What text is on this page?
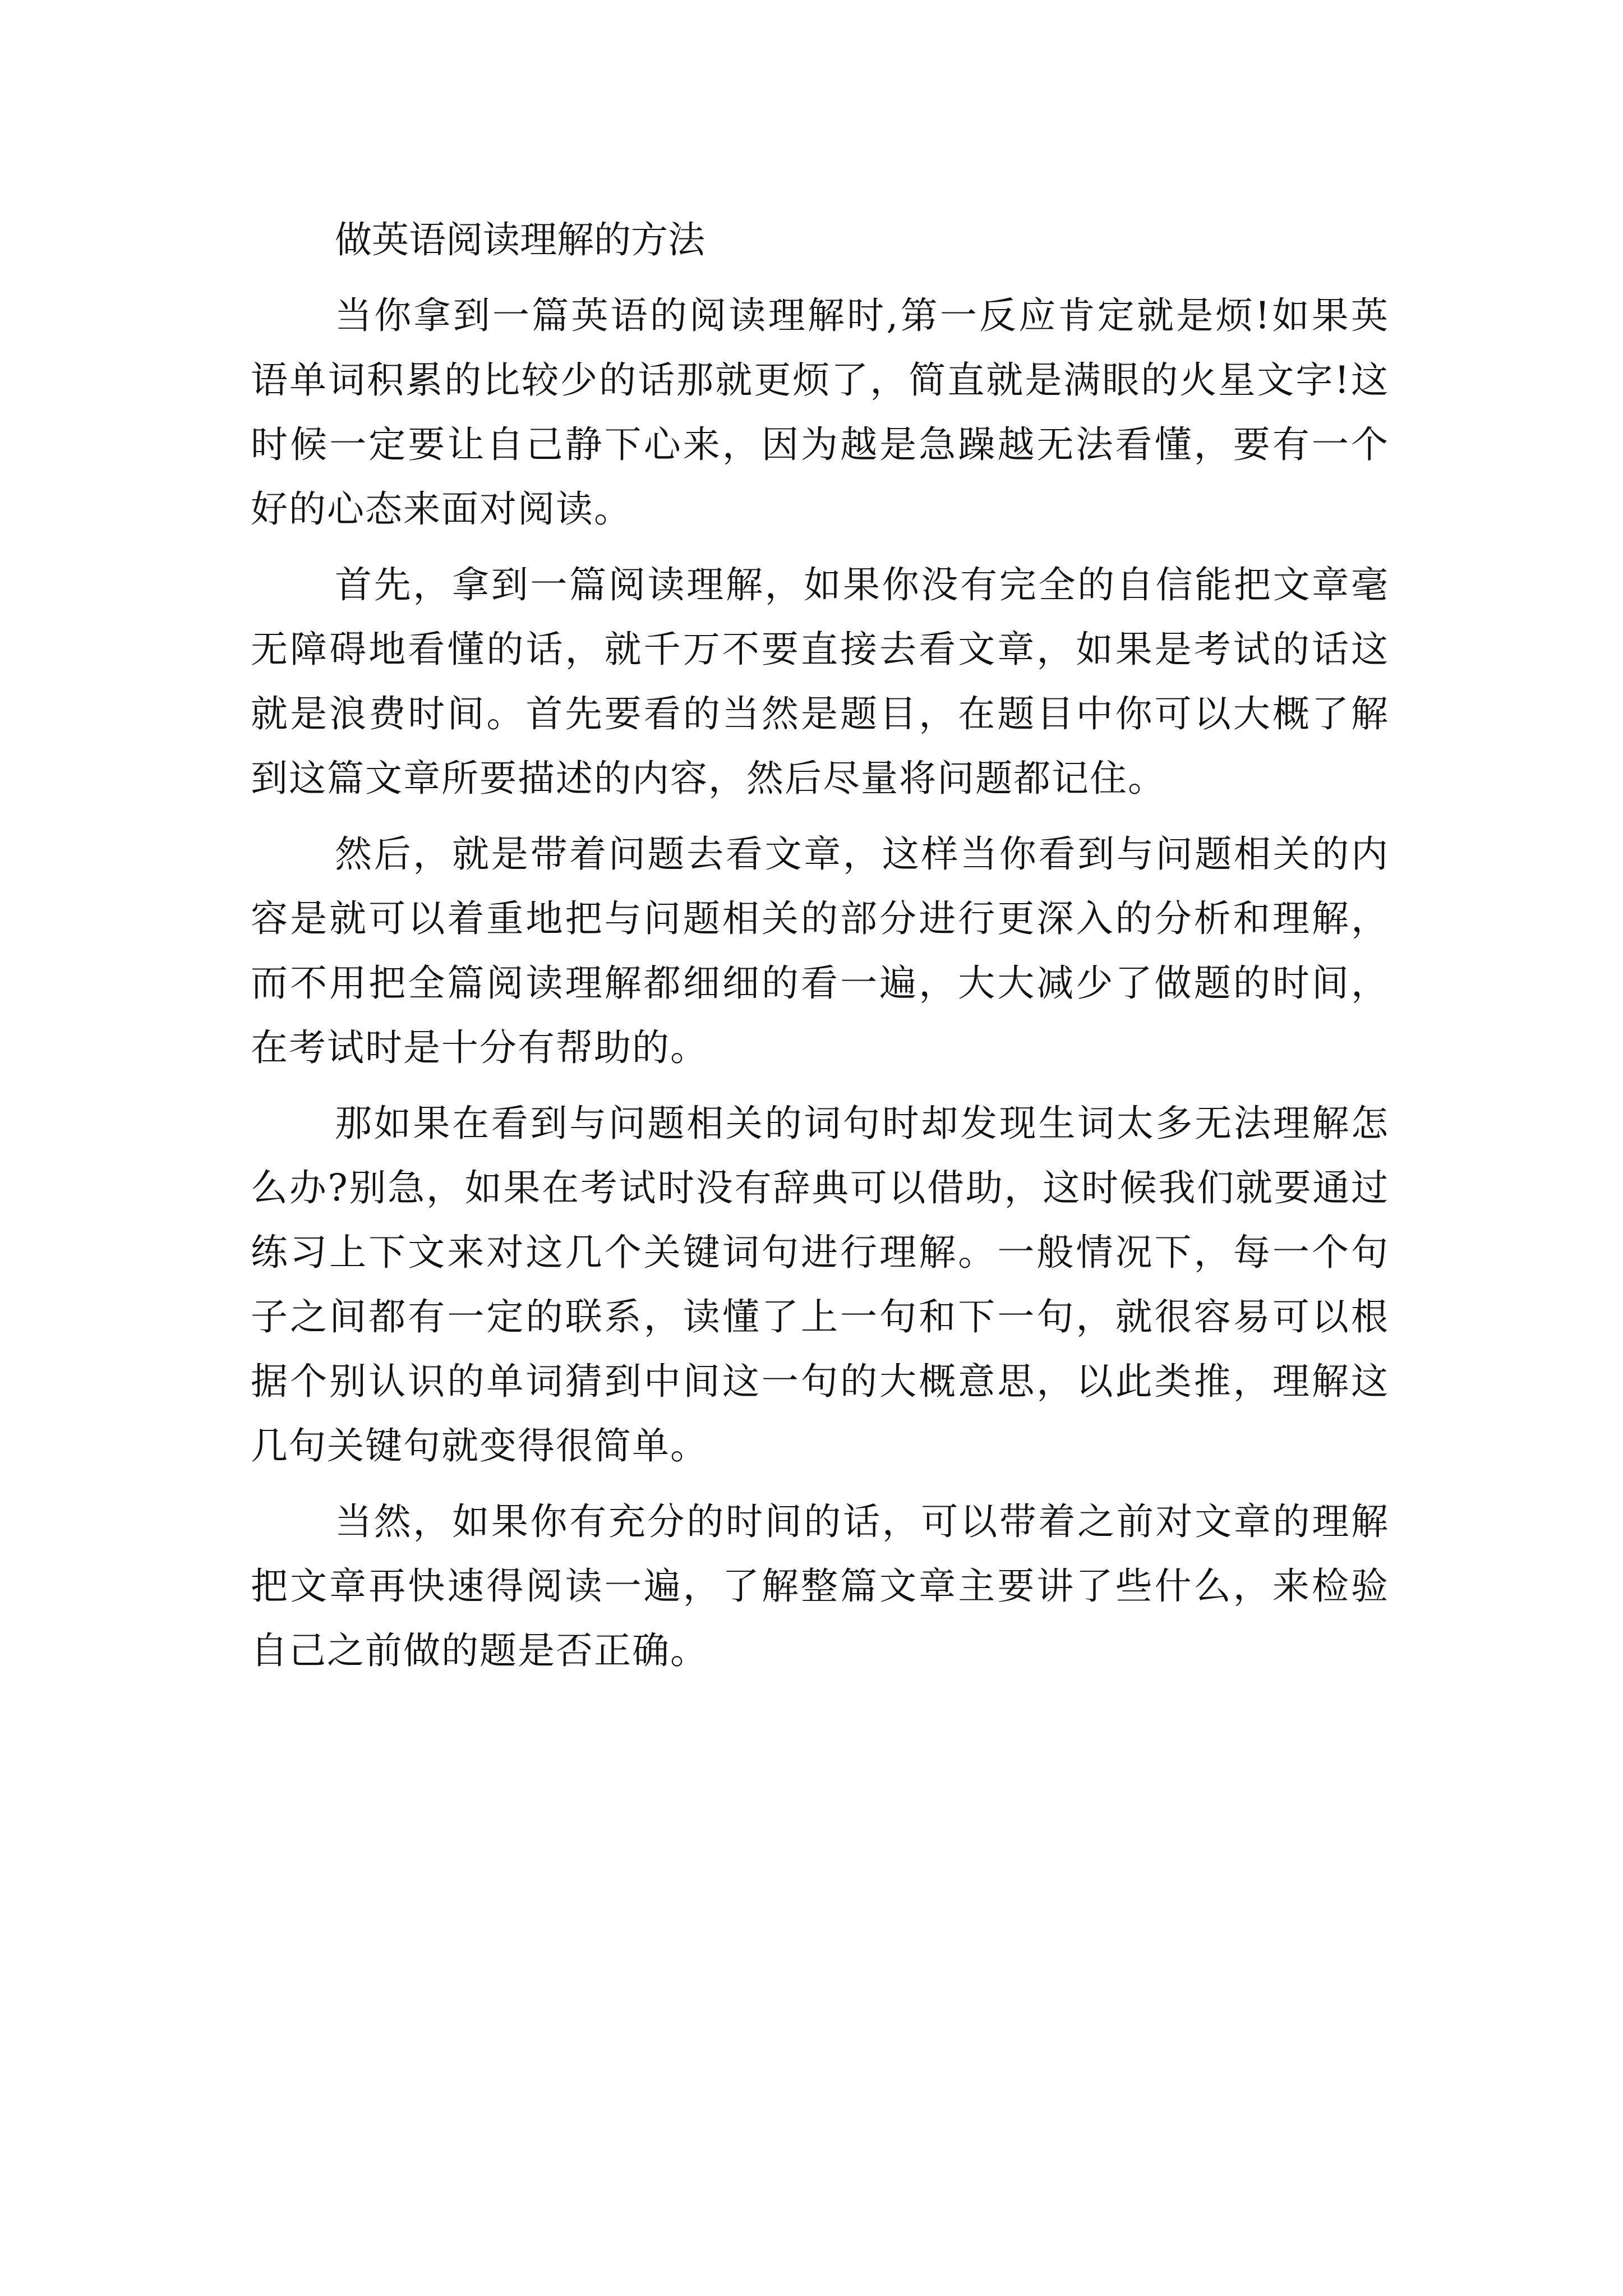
做英语阅读理解的方法

当你拿到一篇英语的阅读理解时,第一反应肯定就是烦!如果英语单词积累的比较少的话那就更烦了，简直就是满眼的火星文字!这时候一定要让自己静下心来，因为越是急躁越无法看懂，要有一个好的心态来面对阅读。

首先，拿到一篇阅读理解，如果你没有完全的自信能把文章毫无障碍地看懂的话，就千万不要直接去看文章，如果是考试的话这就是浪费时间。首先要看的当然是题目，在题目中你可以大概了解到这篇文章所要描述的内容，然后尽量将问题都记住。

然后，就是带着问题去看文章，这样当你看到与问题相关的内容是就可以着重地把与问题相关的部分进行更深入的分析和理解，而不用把全篇阅读理解都细细的看一遍，大大减少了做题的时间，在考试时是十分有帮助的。

那如果在看到与问题相关的词句时却发现生词太多无法理解怎么办?别急，如果在考试时没有辞典可以借助，这时候我们就要通过练习上下文来对这几个关键词句进行理解。一般情况下，每一个句子之间都有一定的联系，读懂了上一句和下一句，就很容易可以根据个别认识的单词猜到中间这一句的大概意思，以此类推，理解这几句关键句就变得很简单。

当然，如果你有充分的时间的话，可以带着之前对文章的理解把文章再快速得阅读一遍，了解整篇文章主要讲了些什么，来检验自己之前做的题是否正确。
